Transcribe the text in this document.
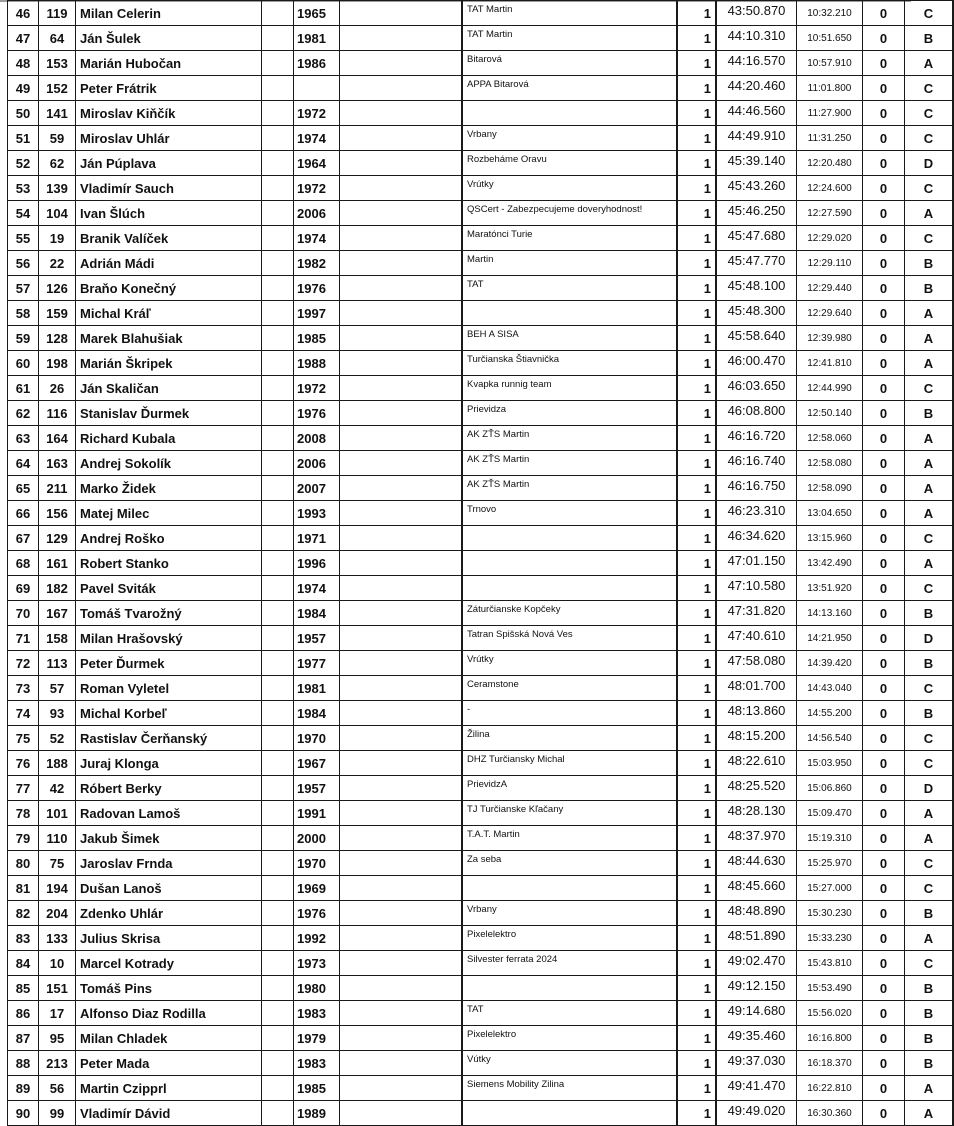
46	119	Milan Celerin		1965		TAT Martin	1	43:50.870	10:32.210	0	C
47	64	Ján Šulek		1981		TAT Martin	1	44:10.310	10:51.650	0	B
48	153	Marián Hubočan		1986		Bitarová	1	44:16.570	10:57.910	0	A
49	152	Peter Frátrik				APPA Bitarová	1	44:20.460	11:01.800	0	C
50	141	Miroslav Kiňčík		1972			1	44:46.560	11:27.900	0	C
51	59	Miroslav Uhlár		1974		Vrbany	1	44:49.910	11:31.250	0	C
52	62	Ján Púplava		1964		Rozbeháme Oravu	1	45:39.140	12:20.480	0	D
53	139	Vladimír Sauch		1972		Vrútky	1	45:43.260	12:24.600	0	C
54	104	Ivan Šlúch		2006		QSCert - Zabezpecujeme doveryhodnost!	1	45:46.250	12:27.590	0	A
55	19	Branik Valíček		1974		Maratónci Turie	1	45:47.680	12:29.020	0	C
56	22	Adrián Mádi		1982		Martin	1	45:47.770	12:29.110	0	B
57	126	Braňo Konečný		1976		TAT	1	45:48.100	12:29.440	0	B
58	159	Michal Kráľ		1997			1	45:48.300	12:29.640	0	A
59	128	Marek Blahušiak		1985		BEH A SISA	1	45:58.640	12:39.980	0	A
60	198	Marián Škripek		1988		Turčianska Štiavnička	1	46:00.470	12:41.810	0	A
61	26	Ján Skaličan		1972		Kvapka runnig team	1	46:03.650	12:44.990	0	C
62	116	Stanislav Ďurmek		1976		Prievidza	1	46:08.800	12:50.140	0	B
63	164	Richard Kubala		2008		AK ZŤS Martin	1	46:16.720	12:58.060	0	A
64	163	Andrej Sokolík		2006		AK ZŤS Martin	1	46:16.740	12:58.080	0	A
65	211	Marko Židek		2007		AK ZŤS Martin	1	46:16.750	12:58.090	0	A
66	156	Matej Milec		1993		Trnovo	1	46:23.310	13:04.650	0	A
67	129	Andrej Roško		1971			1	46:34.620	13:15.960	0	C
68	161	Robert Stanko		1996			1	47:01.150	13:42.490	0	A
69	182	Pavel Sviták		1974			1	47:10.580	13:51.920	0	C
70	167	Tomáš Tvarožný		1984		Záturčianske Kopčeky	1	47:31.820	14:13.160	0	B
71	158	Milan Hrašovský		1957		Tatran Spišská Nová Ves	1	47:40.610	14:21.950	0	D
72	113	Peter Ďurmek		1977		Vrútky	1	47:58.080	14:39.420	0	B
73	57	Roman Vyletel		1981		Ceramstone	1	48:01.700	14:43.040	0	C
74	93	Michal Korbeľ		1984		-	1	48:13.860	14:55.200	0	B
75	52	Rastislav Čerňanský		1970		Žilina	1	48:15.200	14:56.540	0	C
76	188	Juraj Klonga		1967		DHZ Turčiansky Michal	1	48:22.610	15:03.950	0	C
77	42	Róbert Berky		1957		PrievidzA	1	48:25.520	15:06.860	0	D
78	101	Radovan Lamoš		1991		TJ Turčianske Kľačany	1	48:28.130	15:09.470	0	A
79	110	Jakub Šimek		2000		T.A.T. Martin	1	48:37.970	15:19.310	0	A
80	75	Jaroslav Frnda		1970		Za seba	1	48:44.630	15:25.970	0	C
81	194	Dušan Lanoš		1969			1	48:45.660	15:27.000	0	C
82	204	Zdenko Uhlár		1976		Vrbany	1	48:48.890	15:30.230	0	B
83	133	Julius Skrisa		1992		Pixelelektro	1	48:51.890	15:33.230	0	A
84	10	Marcel Kotrady		1973		Silvester ferrata 2024	1	49:02.470	15:43.810	0	C
85	151	Tomáš Pins		1980			1	49:12.150	15:53.490	0	B
86	17	Alfonso Diaz Rodilla		1983		TAT	1	49:14.680	15:56.020	0	B
87	95	Milan Chladek		1979		Pixelelektro	1	49:35.460	16:16.800	0	B
88	213	Peter Mada		1983		Vútky	1	49:37.030	16:18.370	0	B
89	56	Martin Czipprl		1985		Siemens Mobility Zilina	1	49:41.470	16:22.810	0	A
90	99	Vladimír Dávid		1989			1	49:49.020	16:30.360	0	A
